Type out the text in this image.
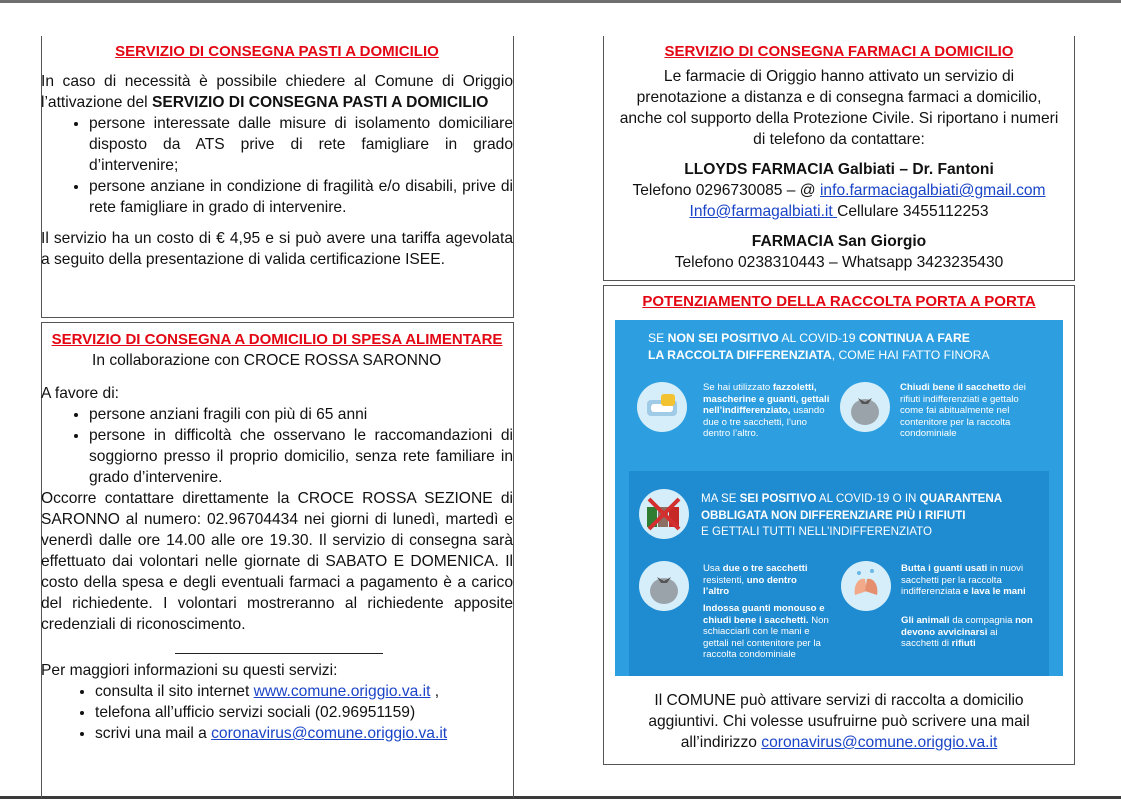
SERVIZIO DI CONSEGNA PASTI A DOMICILIO

In caso di necessità è possibile chiedere al Comune di Origgio l’attivazione del SERVIZIO DI CONSEGNA PASTI A DOMICILIO

• persone interessate dalle misure di isolamento domiciliare disposto da ATS prive di rete famigliare in grado d’intervenire;
• persone anziane in condizione di fragilità e/o disabili, prive di rete famigliare in grado di intervenire.

Il servizio ha un costo di € 4,95 e si può avere una tariffa agevolata a seguito della presentazione di valida certificazione ISEE.

SERVIZIO DI CONSEGNA A DOMICILIO DI SPESA ALIMENTARE

In collaborazione con CROCE ROSSA SARONNO

A favore di:

• persone anziani fragili con più di 65 anni
• persone in difficoltà che osservano le raccomandazioni di soggiorno presso il proprio domicilio, senza rete familiare in grado d’intervenire.

Occorre contattare direttamente la CROCE ROSSA SEZIONE di SARONNO al numero: 02.96704434 nei giorni di lunedì, martedì e venerdì dalle ore 14.00 alle ore 19.30. Il servizio di consegna sarà effettuato dai volontari nelle giornate di SABATO E DOMENICA. Il costo della spesa e degli eventuali farmaci a pagamento è a carico del richiedente. I volontari mostreranno al richiedente apposite credenziali di riconoscimento.

Per maggiori informazioni su questi servizi:

• consulta il sito internet www.comune.origgio.va.it ,
• telefona all’ufficio servizi sociali (02.96951159)
• scrivi una mail a coronavirus@comune.origgio.va.it
SERVIZIO DI CONSEGNA FARMACI A DOMICILIO

Le farmacie di Origgio hanno attivato un servizio di prenotazione a distanza e di consegna farmaci a domicilio, anche col supporto della Protezione Civile. Si riportano i numeri di telefono da contattare:

LLOYDS FARMACIA Galbiati – Dr. Fantoni

Telefono 0296730085 – @ info.farmaciagalbiati@gmail.com

Info@farmagalbiati.it Cellulare 3455112253

FARMACIA San Giorgio

Telefono 0238310443 – Whatsapp 3423235430

POTENZIAMENTO DELLA RACCOLTA PORTA A PORTA
SE NON SEI POSITIVO AL COVID-19 CONTINUA A FARE
LA RACCOLTA DIFFERENZIATA, COME HAI FATTO FINORA
Se hai utilizzato fazzoletti, mascherine e guanti, gettali nell’indifferenziato, usando due o tre sacchetti, l’uno dentro l’altro.
Chiudi bene il sacchetto dei rifiuti indifferenziati e gettalo come fai abitualmente nel contenitore per la raccolta condominiale
MA SE SEI POSITIVO AL COVID-19 O IN QUARANTENA
OBBLIGATA NON DIFFERENZIARE PIÙ I RIFIUTI
E GETTALI TUTTI NELL’INDIFFERENZIATO
Usa due o tre sacchetti resistenti, uno dentro l’altro
Indossa guanti monouso e chiudi bene i sacchetti. Non schiacciarli con le mani e gettali nel contenitore per la raccolta condominiale
Butta i guanti usati in nuovi sacchetti per la raccolta indifferenziata e lava le mani
Gli animali da compagnia non devono avvicinarsi ai sacchetti di rifiuti

Il COMUNE può attivare servizi di raccolta a domicilio aggiuntivi. Chi volesse usufruirne può scrivere una mail all’indirizzo coronavirus@comune.origgio.va.it
